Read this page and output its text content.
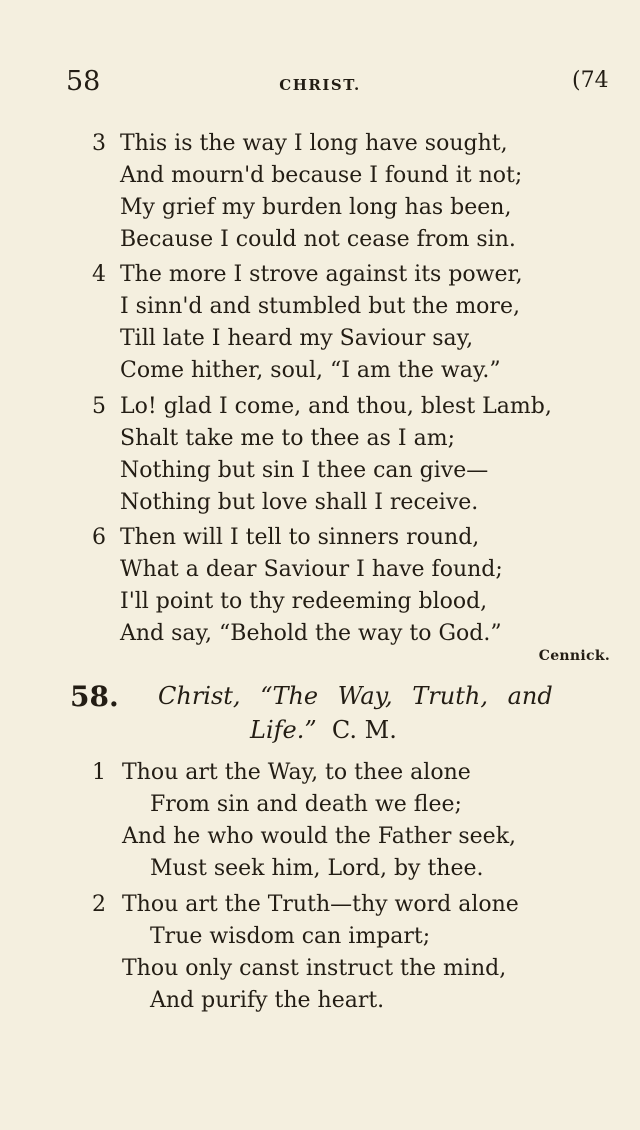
58	CHRIST.	(74
3 This is the way I long have sought,
And mourn'd because I found it not;
My grief my burden long has been,
Because I could not cease from sin.
4 The more I strove against its power,
I sinn'd and stumbled but the more,
Till late I heard my Saviour say,
Come hither, soul, “I am the way.”
5 Lo! glad I come, and thou, blest Lamb,
Shalt take me to thee as I am;
Nothing but sin I thee can give—
Nothing but love shall I receive.
6 Then will I tell to sinners round,
What a dear Saviour I have found;
I'll point to thy redeeming blood,
And say, “Behold the way to God.”
Cennick.
58. Christ, “The Way, Truth, and
Life.” C. M.
1 Thou art the Way, to thee alone
From sin and death we flee;
And he who would the Father seek,
Must seek him, Lord, by thee.
2 Thou art the Truth—thy word alone
True wisdom can impart;
Thou only canst instruct the mind,
And purify the heart.
